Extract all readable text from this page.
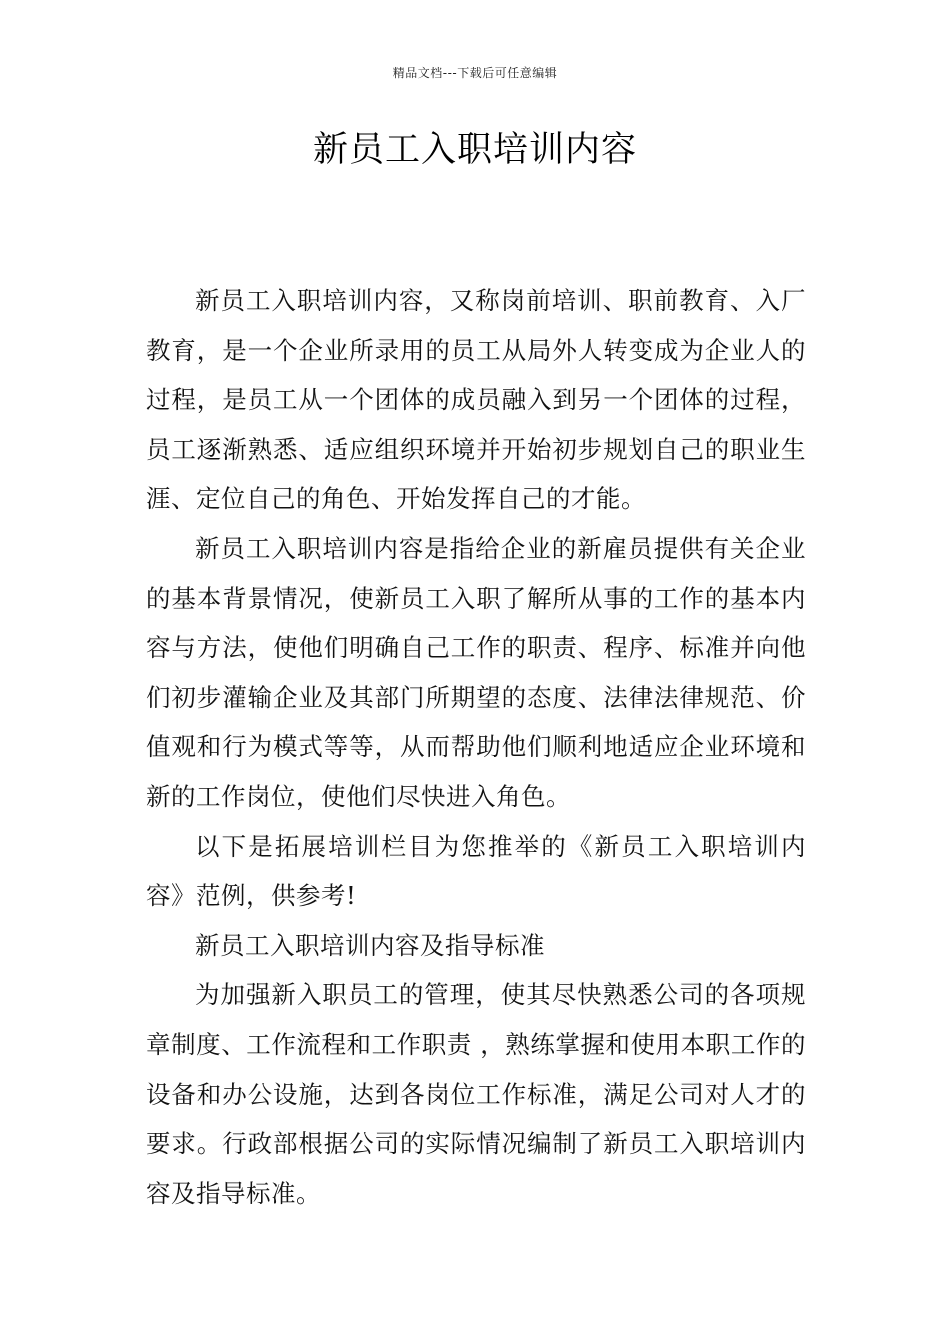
精品文档---下载后可任意编辑
新员工入职培训内容

新员工入职培训内容，又称岗前培训、职前教育、入厂教育，是一个企业所录用的员工从局外人转变成为企业人的过程，是员工从一个团体的成员融入到另一个团体的过程，员工逐渐熟悉、适应组织环境并开始初步规划自己的职业生涯、定位自己的角色、开始发挥自己的才能。

新员工入职培训内容是指给企业的新雇员提供有关企业的基本背景情况，使新员工入职了解所从事的工作的基本内容与方法，使他们明确自己工作的职责、程序、标准并向他们初步灌输企业及其部门所期望的态度、法律法律规范、价值观和行为模式等等，从而帮助他们顺利地适应企业环境和新的工作岗位，使他们尽快进入角色。

以下是拓展培训栏目为您推举的《新员工入职培训内容》范例，供参考!

新员工入职培训内容及指导标准

为加强新入职员工的管理，使其尽快熟悉公司的各项规章制度、工作流程和工作职责 ，熟练掌握和使用本职工作的设备和办公设施，达到各岗位工作标准，满足公司对人才的要求。行政部根据公司的实际情况编制了新员工入职培训内容及指导标准。
